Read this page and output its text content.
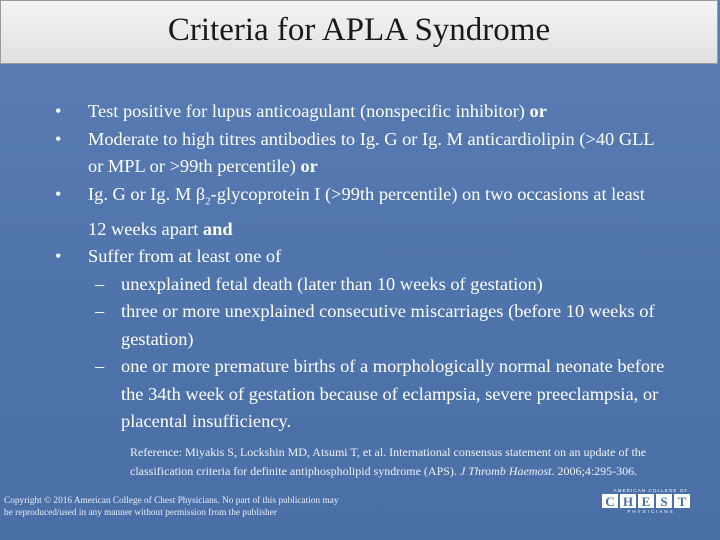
Criteria for APLA Syndrome
• Test positive for lupus anticoagulant (nonspecific inhibitor) or
• Moderate to high titres antibodies to Ig. G or Ig. M anticardiolipin (>40 GLL or MPL or >99th percentile) or
• Ig. G or Ig. M $\beta_2$-glycoprotein I (>99th percentile) on two occasions at least 12 weeks apart and
• Suffer from at least one of
– unexplained fetal death (later than 10 weeks of gestation)
– three or more unexplained consecutive miscarriages (before 10 weeks of gestation)
– one or more premature births of a morphologically normal neonate before the 34th week of gestation because of eclampsia, severe preeclampsia, or placental insufficiency.
Reference: Miyakis S, Lockshin MD, Atsumi T, et al. International consensus statement on an update of the classification criteria for definite antiphospholipid syndrome (APS). J Thromb Haemost. 2006;4:295-306.
Copyright © 2016 American College of Chest Physicians. No part of this publication may
be reproduced/used in any manner without permission from the publisher
AMERICAN COLLEGE OF
C H E S T
PHYSICIANS
